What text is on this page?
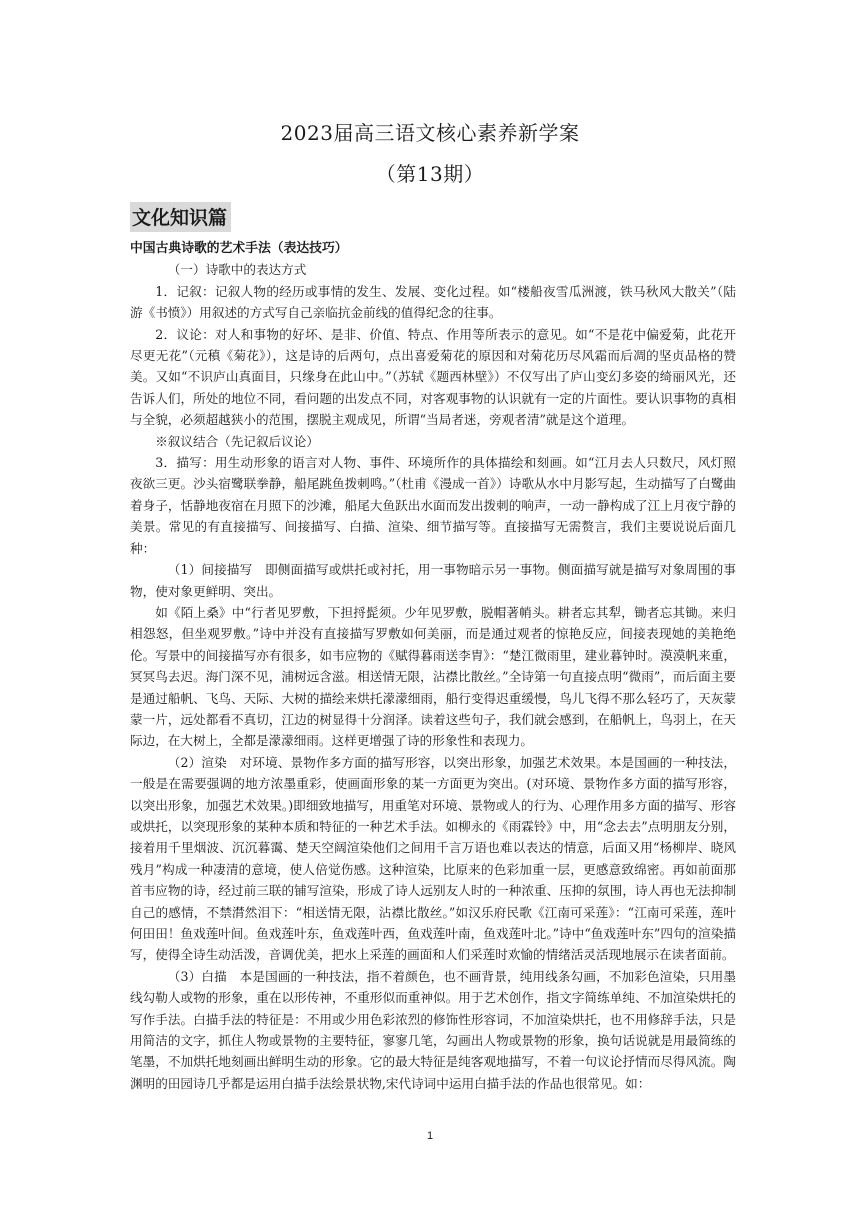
2023届高三语文核心素养新学案
（第13期）
文化知识篇

中国古典诗歌的艺术手法（表达技巧）

（一）诗歌中的表达方式

1．记叙：记叙人物的经历或事情的发生、发展、变化过程。如“楼船夜雪瓜洲渡，铁马秋风大散关”（陆游《书愤》）用叙述的方式写自己亲临抗金前线的值得纪念的往事。

2．议论：对人和事物的好坏、是非、价值、特点、作用等所表示的意见。如“不是花中偏爱菊，此花开尽更无花”（元稹《菊花》），这是诗的后两句，点出喜爱菊花的原因和对菊花历尽风霜而后凋的坚贞品格的赞美。又如“不识庐山真面目，只缘身在此山中。”（苏轼《题西林壁》）不仅写出了庐山变幻多姿的绮丽风光，还告诉人们，所处的地位不同，看问题的出发点不同，对客观事物的认识就有一定的片面性。要认识事物的真相与全貌，必须超越狭小的范围，摆脱主观成见，所谓“当局者迷，旁观者清”就是这个道理。

※叙议结合（先记叙后议论）

3．描写：用生动形象的语言对人物、事件、环境所作的具体描绘和刻画。如“江月去人只数尺，风灯照夜欲三更。沙头宿鹭联拳静，船尾跳鱼拨刺鸣。”（杜甫《漫成一首》）诗歌从水中月影写起，生动描写了白鹭曲着身子，恬静地夜宿在月照下的沙滩，船尾大鱼跃出水面而发出拨刺的响声，一动一静构成了江上月夜宁静的美景。常见的有直接描写、间接描写、白描、渲染、细节描写等。直接描写无需赘言，我们主要说说后面几种：

（1）间接描写　即侧面描写或烘托或衬托，用一事物暗示另一事物。侧面描写就是描写对象周围的事物，使对象更鲜明、突出。

如《陌上桑》中“行者见罗敷，下担捋髭须。少年见罗敷，脱帽著帩头。耕者忘其犁，锄者忘其锄。来归相怨怒，但坐观罗敷。”诗中并没有直接描写罗敷如何美丽，而是通过观者的惊艳反应，间接表现她的美艳绝伦。写景中的间接描写亦有很多，如韦应物的《赋得暮雨送李胄》：“楚江微雨里，建业暮钟时。漠漠帆来重，冥冥鸟去迟。海门深不见，浦树远含滋。相送情无限，沾襟比散丝。”全诗第一句直接点明“微雨”，而后面主要是通过船帆、飞鸟、天际、大树的描绘来烘托濛濛细雨，船行变得迟重缓慢，鸟儿飞得不那么轻巧了，天灰蒙蒙一片，远处都看不真切，江边的树显得十分润泽。读着这些句子，我们就会感到，在船帆上，鸟羽上，在天际边，在大树上，全都是濛濛细雨。这样更增强了诗的形象性和表现力。

（2）渲染　对环境、景物作多方面的描写形容，以突出形象，加强艺术效果。本是国画的一种技法，一般是在需要强调的地方浓墨重彩，使画面形象的某一方面更为突出。(对环境、景物作多方面的描写形容，以突出形象，加强艺术效果。)即细致地描写，用重笔对环境、景物或人的行为、心理作用多方面的描写、形容或烘托，以突现形象的某种本质和特征的一种艺术手法。如柳永的《雨霖铃》中，用“念去去”点明朋友分别，接着用千里烟波、沉沉暮霭、楚天空阔渲染他们之间用千言万语也难以表达的情意，后面又用“杨柳岸、晓风残月”构成一种凄清的意境，使人倍觉伤感。这种渲染，比原来的色彩加重一层，更感意致绵密。再如前面那首韦应物的诗，经过前三联的铺写渲染，形成了诗人远别友人时的一种浓重、压抑的氛围，诗人再也无法抑制自己的感情，不禁潸然泪下：“相送情无限，沾襟比散丝。”如汉乐府民歌《江南可采莲》：“江南可采莲，莲叶何田田！鱼戏莲叶间。鱼戏莲叶东，鱼戏莲叶西，鱼戏莲叶南，鱼戏莲叶北。”诗中“鱼戏莲叶东”四句的渲染描写，使得全诗生动活泼，音调优美，把水上采莲的画面和人们采莲时欢愉的情绪活灵活现地展示在读者面前。

（3）白描　本是国画的一种技法，指不着颜色，也不画背景，纯用线条勾画，不加彩色渲染，只用墨线勾勒人或物的形象，重在以形传神，不重形似而重神似。用于艺术创作，指文字简练单纯、不加渲染烘托的写作手法。白描手法的特征是：不用或少用色彩浓烈的修饰性形容词，不加渲染烘托，也不用修辞手法，只是用简洁的文字，抓住人物或景物的主要特征，寥寥几笔，勾画出人物或景物的形象，换句话说就是用最简练的笔墨，不加烘托地刻画出鲜明生动的形象。它的最大特征是纯客观地描写，不着一句议论抒情而尽得风流。陶渊明的田园诗几乎都是运用白描手法绘景状物,宋代诗词中运用白描手法的作品也很常见。如：

1
